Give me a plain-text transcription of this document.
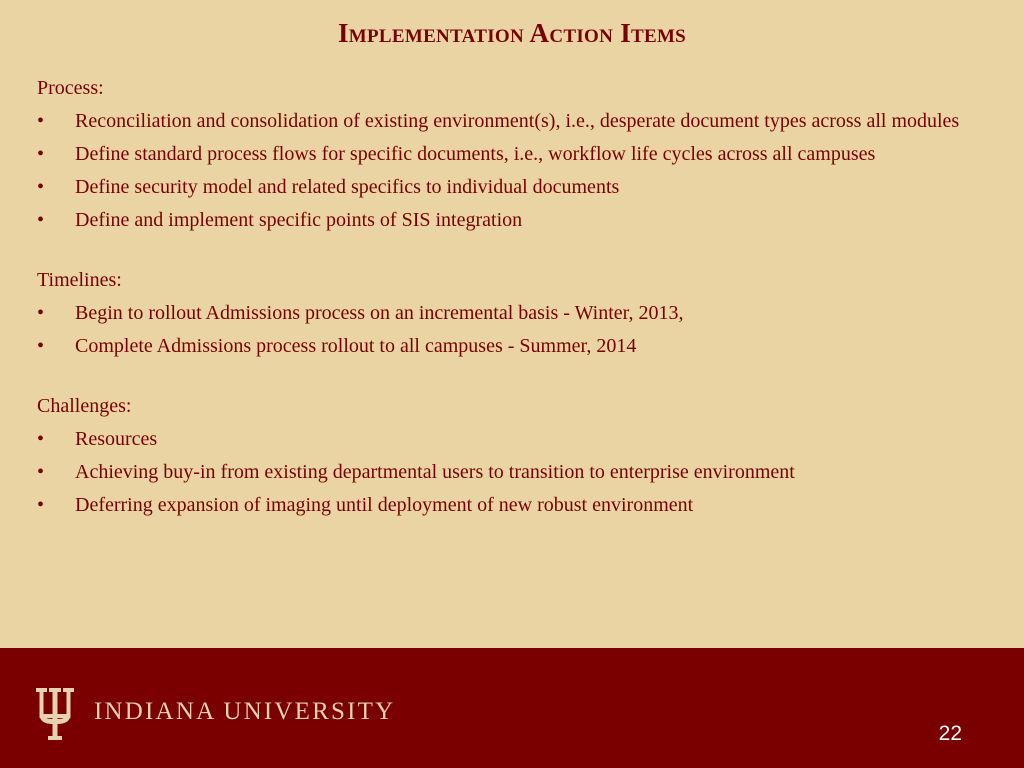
Implementation Action Items

Process:

• Reconciliation and consolidation of existing environment(s), i.e., desperate document types across all modules
• Define standard process flows for specific documents, i.e., workflow life cycles across all campuses
• Define security model and related specifics to individual documents
• Define and implement specific points of SIS integration

Timelines:

• Begin to rollout Admissions process on an incremental basis - Winter, 2013,
• Complete Admissions process rollout to all campuses - Summer, 2014

Challenges:

• Resources
• Achieving buy-in from existing departmental users to transition to enterprise environment
• Deferring expansion of imaging until deployment of new robust environment
INDIANA UNIVERSITY
22
